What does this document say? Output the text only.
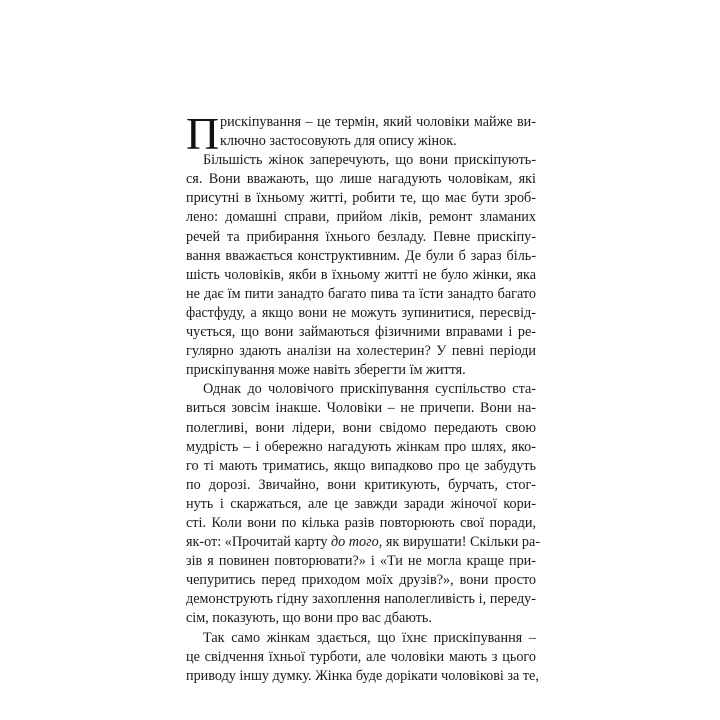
П рискіпування – це термін, який чоловіки майже ви-
ключно застосовують для опису жінок.
Більшість жінок заперечують, що вони прискіпують-
ся. Вони вважають, що лише нагадують чоловікам, які
присутні в їхньому житті, робити те, що має бути зроб-
лено: домашні справи, прийом ліків, ремонт зламаних
речей та прибирання їхнього безладу. Певне прискіпу-
вання вважається конструктивним. Де були б зараз біль-
шість чоловіків, якби в їхньому житті не було жінки, яка
не дає їм пити занадто багато пива та їсти занадто багато
фастфуду, а якщо вони не можуть зупинитися, пересвід-
чується, що вони займаються фізичними вправами і ре-
гулярно здають аналізи на холестерин? У певні періоди
прискіпування може навіть зберегти їм життя.
Однак до чоловічого прискіпування суспільство ста-
виться зовсім інакше. Чоловіки – не причепи. Вони на-
полегливі, вони лідери, вони свідомо передають свою
мудрість – і обережно нагадують жінкам про шлях, яко-
го ті мають триматись, якщо випадково про це забудуть
по дорозі. Звичайно, вони критикують, бурчать, стог-
нуть і скаржаться, але це завжди заради жіночої кори-
сті. Коли вони по кілька разів повторюють свої поради,
як-от: «Прочитай карту до того, як вирушати! Скільки ра-
зів я повинен повторювати?» і «Ти не могла краще при-
чепуритись перед приходом моїх друзів?», вони просто
демонструють гідну захоплення наполегливість і, переду-
сім, показують, що вони про вас дбають.
Так само жінкам здається, що їхнє прискіпування –
це свідчення їхньої турботи, але чоловіки мають з цього
приводу іншу думку. Жінка буде дорікати чоловікові за те,
